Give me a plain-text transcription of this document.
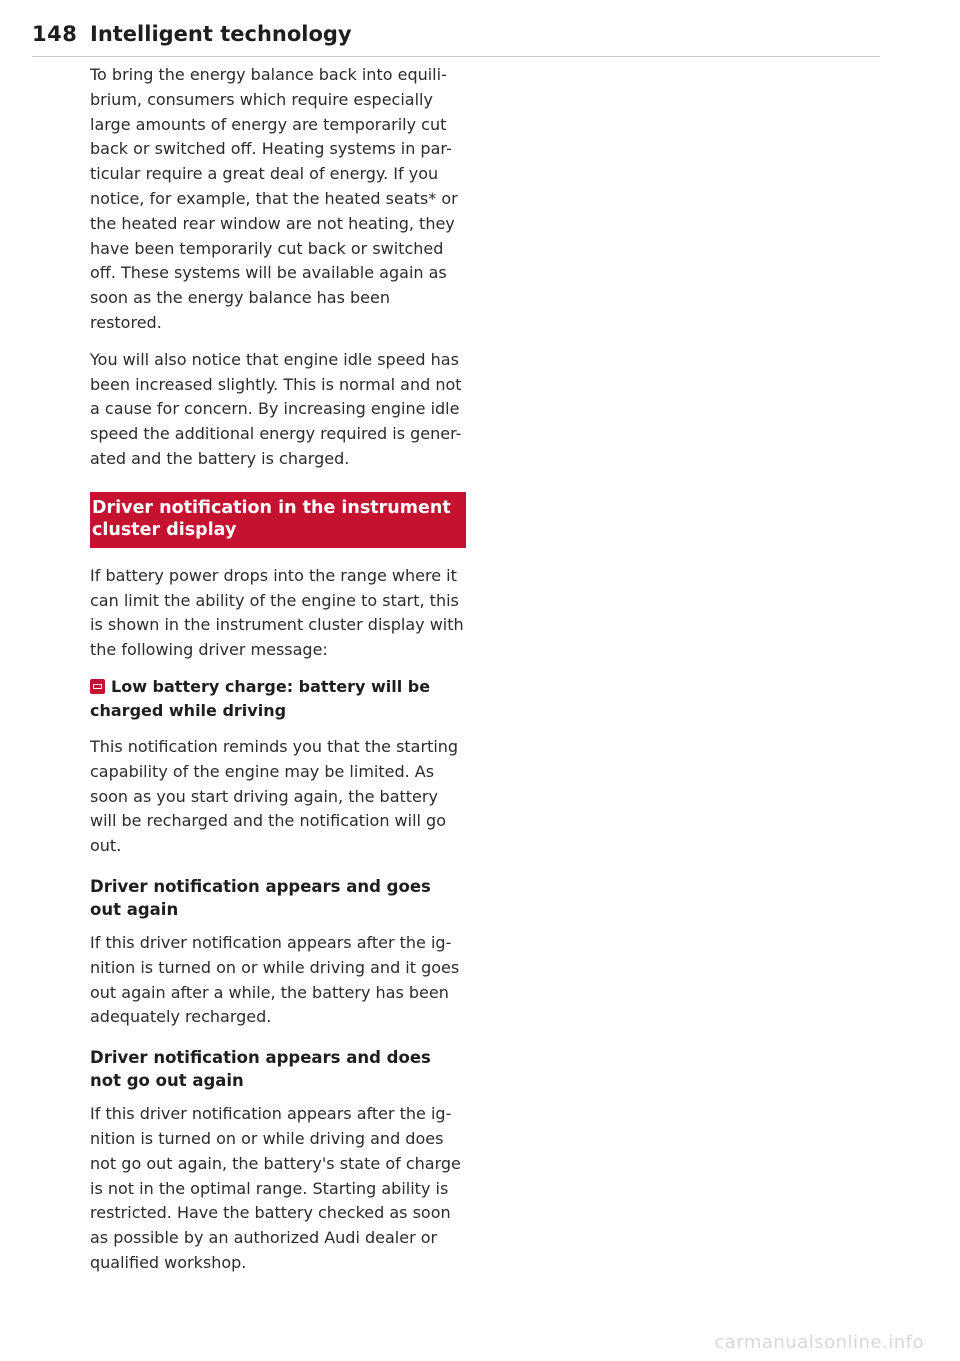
148 Intelligent technology

To bring the energy balance back into equili- brium, consumers which require especially large amounts of energy are temporarily cut back or switched off. Heating systems in par- ticular require a great deal of energy. If you notice, for example, that the heated seats* or the heated rear window are not heating, they have been temporarily cut back or switched off. These systems will be available again as soon as the energy balance has been restored.

You will also notice that engine idle speed has been increased slightly. This is normal and not a cause for concern. By increasing engine idle speed the additional energy required is gener- ated and the battery is charged.

Driver notification in the instrument cluster display

If battery power drops into the range where it can limit the ability of the engine to start, this is shown in the instrument cluster display with the following driver message:

Low battery charge: battery will be charged while driving

This notification reminds you that the starting capability of the engine may be limited. As soon as you start driving again, the battery will be recharged and the notification will go out.

Driver notification appears and goes out again

If this driver notification appears after the ig- nition is turned on or while driving and it goes out again after a while, the battery has been adequately recharged.

Driver notification appears and does not go out again

If this driver notification appears after the ig- nition is turned on or while driving and does not go out again, the battery's state of charge is not in the optimal range. Starting ability is restricted. Have the battery checked as soon as possible by an authorized Audi dealer or qualified workshop.

carmanualsonline.info
